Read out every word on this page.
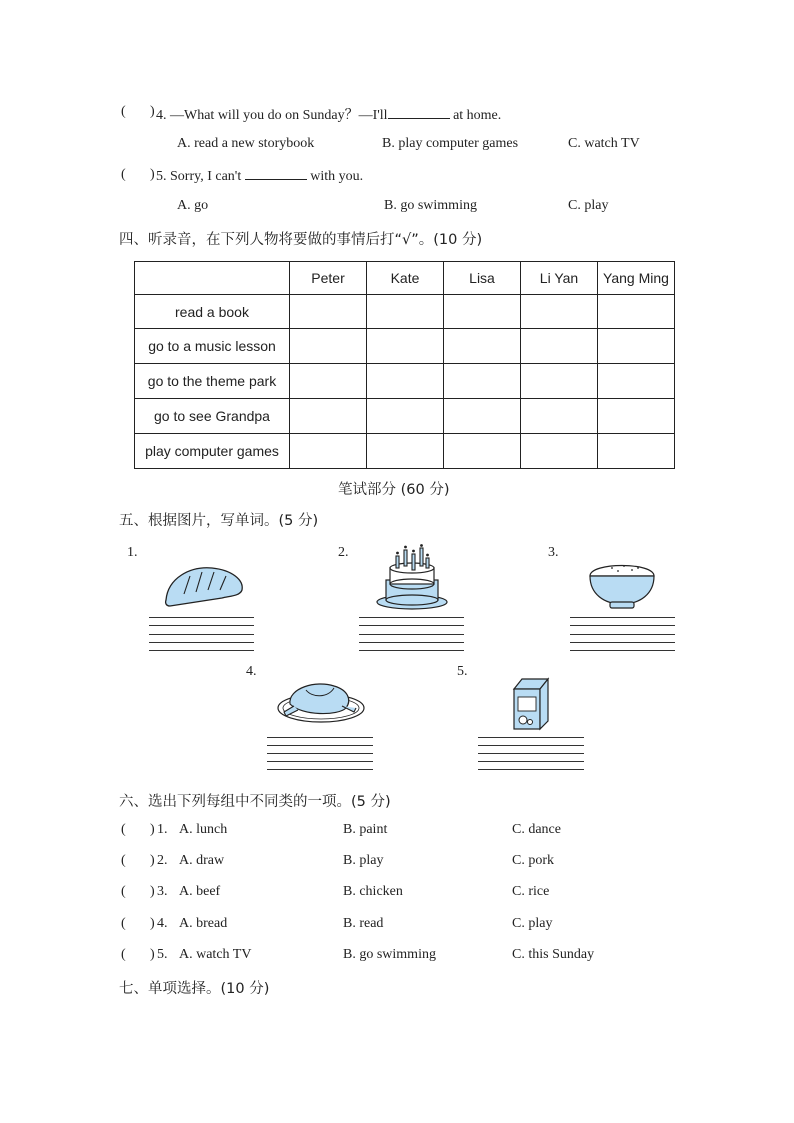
( ) 4. —What will you do on Sunday？—I'll	at home.
A. read a new storybook	B. play computer games	C. watch TV
( ) 5. Sorry, I can't	with you.
A. go	B. go swimming	C. play
四、听录音，在下列人物将要做的事情后打“√”。(10 分)
	Peter	Kate	Lisa	Li Yan	Yang Ming
read a book					
go to a music lesson					
go to the theme park					
go to see Grandpa					
play computer games					
笔试部分 (60 分)
五、根据图片，写单词。(5 分)
1.	2.	3.
4.	5.
六、选出下列每组中不同类的一项。(5 分)
( ) 1. A. lunch	B. paint	C. dance
( ) 2. A. draw	B. play	C. pork
( ) 3. A. beef	B. chicken	C. rice
( ) 4. A. bread	B. read	C. play
( ) 5. A. watch TV	B. go swimming	C. this Sunday
七、单项选择。(10 分)
